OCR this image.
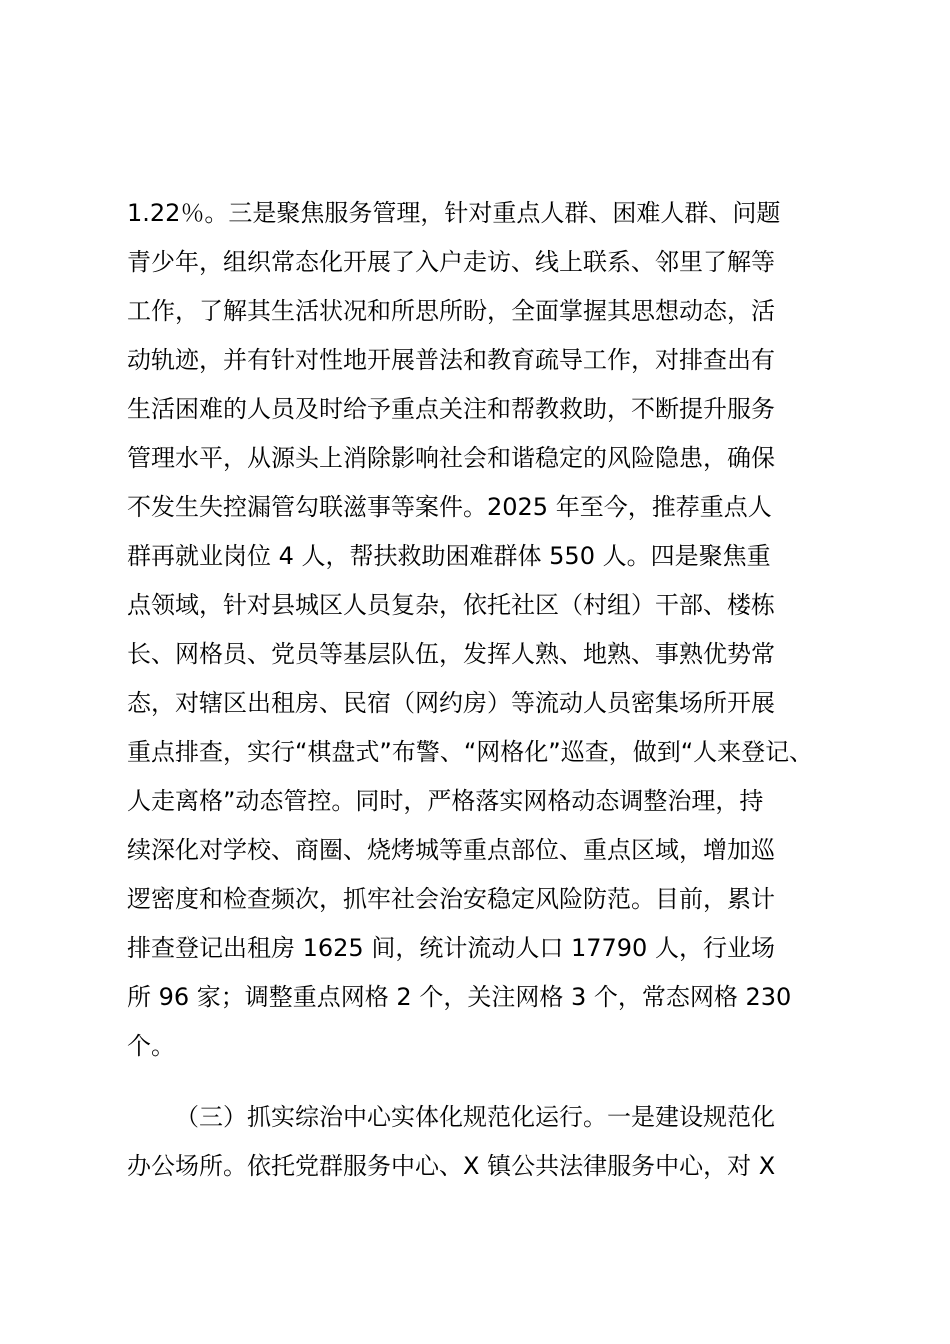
1.22％。三是聚焦服务管理，针对重点人群、困难人群、问题
青少年，组织常态化开展了入户走访、线上联系、邻里了解等
工作，了解其生活状况和所思所盼，全面掌握其思想动态，活
动轨迹，并有针对性地开展普法和教育疏导工作，对排查出有
生活困难的人员及时给予重点关注和帮教救助，不断提升服务
管理水平，从源头上消除影响社会和谐稳定的风险隐患，确保
不发生失控漏管勾联滋事等案件。2025 年至今，推荐重点人
群再就业岗位 4 人，帮扶救助困难群体 550 人。四是聚焦重
点领域，针对县城区人员复杂，依托社区（村组）干部、楼栋
长、网格员、党员等基层队伍，发挥人熟、地熟、事熟优势常
态，对辖区出租房、民宿（网约房）等流动人员密集场所开展
重点排查，实行“棋盘式”布警、“网格化”巡查，做到“人来登记、
人走离格”动态管控。同时，严格落实网格动态调整治理，持
续深化对学校、商圈、烧烤城等重点部位、重点区域，增加巡
逻密度和检查频次，抓牢社会治安稳定风险防范。目前，累计
排查登记出租房 1625 间，统计流动人口 17790 人，行业场
所 96 家；调整重点网格 2 个，关注网格 3 个，常态网格 230
个。
（三）抓实综治中心实体化规范化运行。一是建设规范化
办公场所。依托党群服务中心、X 镇公共法律服务中心，对 X
